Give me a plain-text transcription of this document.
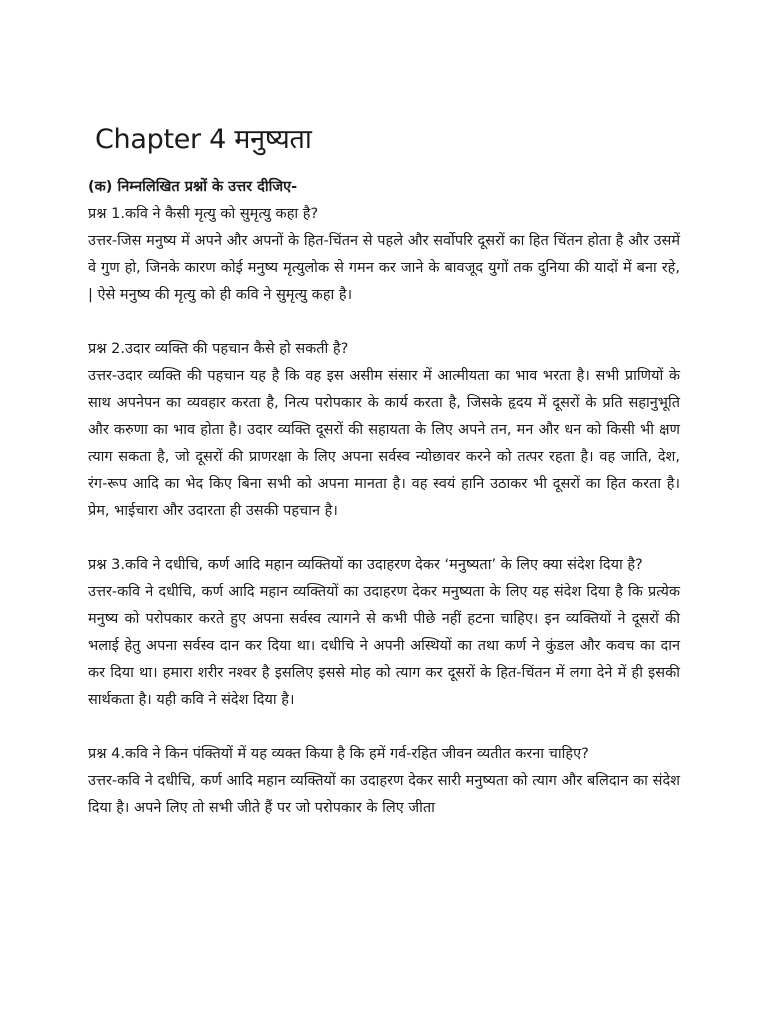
Chapter 4 मनुष्यता

(क) निम्नलिखित प्रश्नों के उत्तर दीजिए-

प्रश्न 1.कवि ने कैसी मृत्यु को सुमृत्यु कहा है?

उत्तर-जिस मनुष्य में अपने और अपनों के हित-चिंतन से पहले और सर्वोपरि दूसरों का हित चिंतन होता है और उसमें वे गुण हो, जिनके कारण कोई मनुष्य मृत्युलोक से गमन कर जाने के बावजूद युगों तक दुनिया की यादों में बना रहे, | ऐसे मनुष्य की मृत्यु को ही कवि ने सुमृत्यु कहा है।

प्रश्न 2.उदार व्यक्ति की पहचान कैसे हो सकती है?

उत्तर-उदार व्यक्ति की पहचान यह है कि वह इस असीम संसार में आत्मीयता का भाव भरता है। सभी प्राणियों के साथ अपनेपन का व्यवहार करता है, नित्य परोपकार के कार्य करता है, जिसके हृदय में दूसरों के प्रति सहानुभूति और करुणा का भाव होता है। उदार व्यक्ति दूसरों की सहायता के लिए अपने तन, मन और धन को किसी भी क्षण त्याग सकता है, जो दूसरों की प्राणरक्षा के लिए अपना सर्वस्व न्योछावर करने को तत्पर रहता है। वह जाति, देश, रंग-रूप आदि का भेद किए बिना सभी को अपना मानता है। वह स्वयं हानि उठाकर भी दूसरों का हित करता है। प्रेम, भाईचारा और उदारता ही उसकी पहचान है।

प्रश्न 3.कवि ने दधीचि, कर्ण आदि महान व्यक्तियों का उदाहरण देकर ‘मनुष्यता’ के लिए क्या संदेश दिया है?

उत्तर-कवि ने दधीचि, कर्ण आदि महान व्यक्तियों का उदाहरण देकर मनुष्यता के लिए यह संदेश दिया है कि प्रत्येक मनुष्य को परोपकार करते हुए अपना सर्वस्व त्यागने से कभी पीछे नहीं हटना चाहिए। इन व्यक्तियों ने दूसरों की भलाई हेतु अपना सर्वस्व दान कर दिया था। दधीचि ने अपनी अस्थियों का तथा कर्ण ने कुंडल और कवच का दान कर दिया था। हमारा शरीर नश्वर है इसलिए इससे मोह को त्याग कर दूसरों के हित-चिंतन में लगा देने में ही इसकी सार्थकता है। यही कवि ने संदेश दिया है।

प्रश्न 4.कवि ने किन पंक्तियों में यह व्यक्त किया है कि हमें गर्व-रहित जीवन व्यतीत करना चाहिए?

उत्तर-कवि ने दधीचि, कर्ण आदि महान व्यक्तियों का उदाहरण देकर सारी मनुष्यता को त्याग और बलिदान का संदेश दिया है। अपने लिए तो सभी जीते हैं पर जो परोपकार के लिए जीता
